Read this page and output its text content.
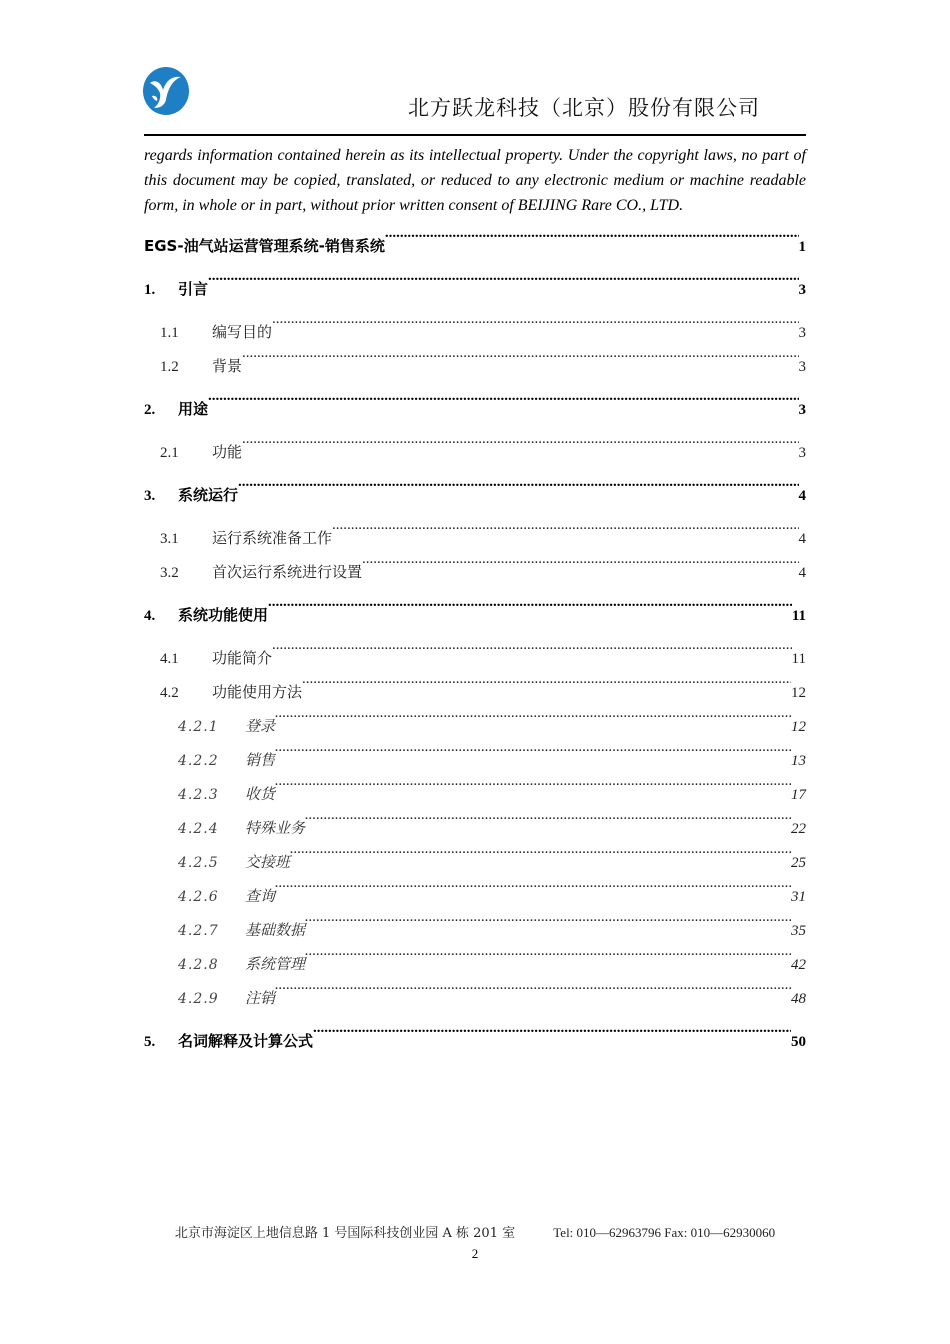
北方跃龙科技（北京）股份有限公司
regards information contained herein as its intellectual property. Under the copyright laws, no part of this document may be copied, translated, or reduced to any electronic medium or machine readable form, in whole or in part, without prior written consent of BEIJING Rare CO., LTD.
EGS-油气站运营管理系统-销售系统 .....	1
1.	引言 .....	3
1.1	编写目的 .....	3
1.2	背景 .....	3
2.	用途 .....	3
2.1	功能 .....	3
3.	系统运行 .....	4
3.1	运行系统准备工作 .....	4
3.2	首次运行系统进行设置 .....	4
4.	系统功能使用 .....	11
4.1	功能简介 .....	11
4.2	功能使用方法 .....	12
4.2.1	登录 .....	12
4.2.2	销售 .....	13
4.2.3	收货 .....	17
4.2.4	特殊业务 .....	22
4.2.5	交接班 .....	25
4.2.6	查询 .....	31
4.2.7	基础数据 .....	35
4.2.8	系统管理 .....	42
4.2.9	注销 .....	48
5.	名词解释及计算公式 .....	50
北京市海淀区上地信息路 1 号国际科技创业园 A 栋 201 室	Tel: 010—62963796 Fax: 010—62930060
2
